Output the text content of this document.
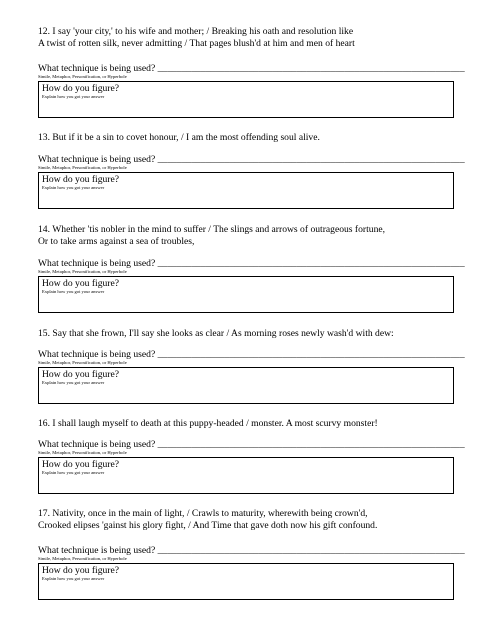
12. I say 'your city,' to his wife and mother; / Breaking his oath and resolution like
A twist of rotten silk, never admitting / That pages blush'd at him and men of heart

What technique is being used? ________________________________________________________________
Simile, Metaphor, Personification, or Hyperbole
How do you figure?
Explain how you got your answer

13. But if it be a sin to covet honour, / I am the most offending soul alive.

What technique is being used? ________________________________________________________________
Simile, Metaphor, Personification, or Hyperbole
How do you figure?
Explain how you got your answer

14. Whether 'tis nobler in the mind to suffer / The slings and arrows of outrageous fortune,
Or to take arms against a sea of troubles,

What technique is being used? ________________________________________________________________
Simile, Metaphor, Personification, or Hyperbole
How do you figure?
Explain how you got your answer

15. Say that she frown, I'll say she looks as clear / As morning roses newly wash'd with dew:

What technique is being used? ________________________________________________________________
Simile, Metaphor, Personification, or Hyperbole
How do you figure?
Explain how you got your answer

16. I shall laugh myself to death at this puppy-headed / monster. A most scurvy monster!

What technique is being used? ________________________________________________________________
Simile, Metaphor, Personification, or Hyperbole
How do you figure?
Explain how you got your answer

17. Nativity, once in the main of light, / Crawls to maturity, wherewith being crown'd,
Crooked elipses 'gainst his glory fight, / And Time that gave doth now his gift confound.

What technique is being used? ________________________________________________________________
Simile, Metaphor, Personification, or Hyperbole
How do you figure?
Explain how you got your answer
